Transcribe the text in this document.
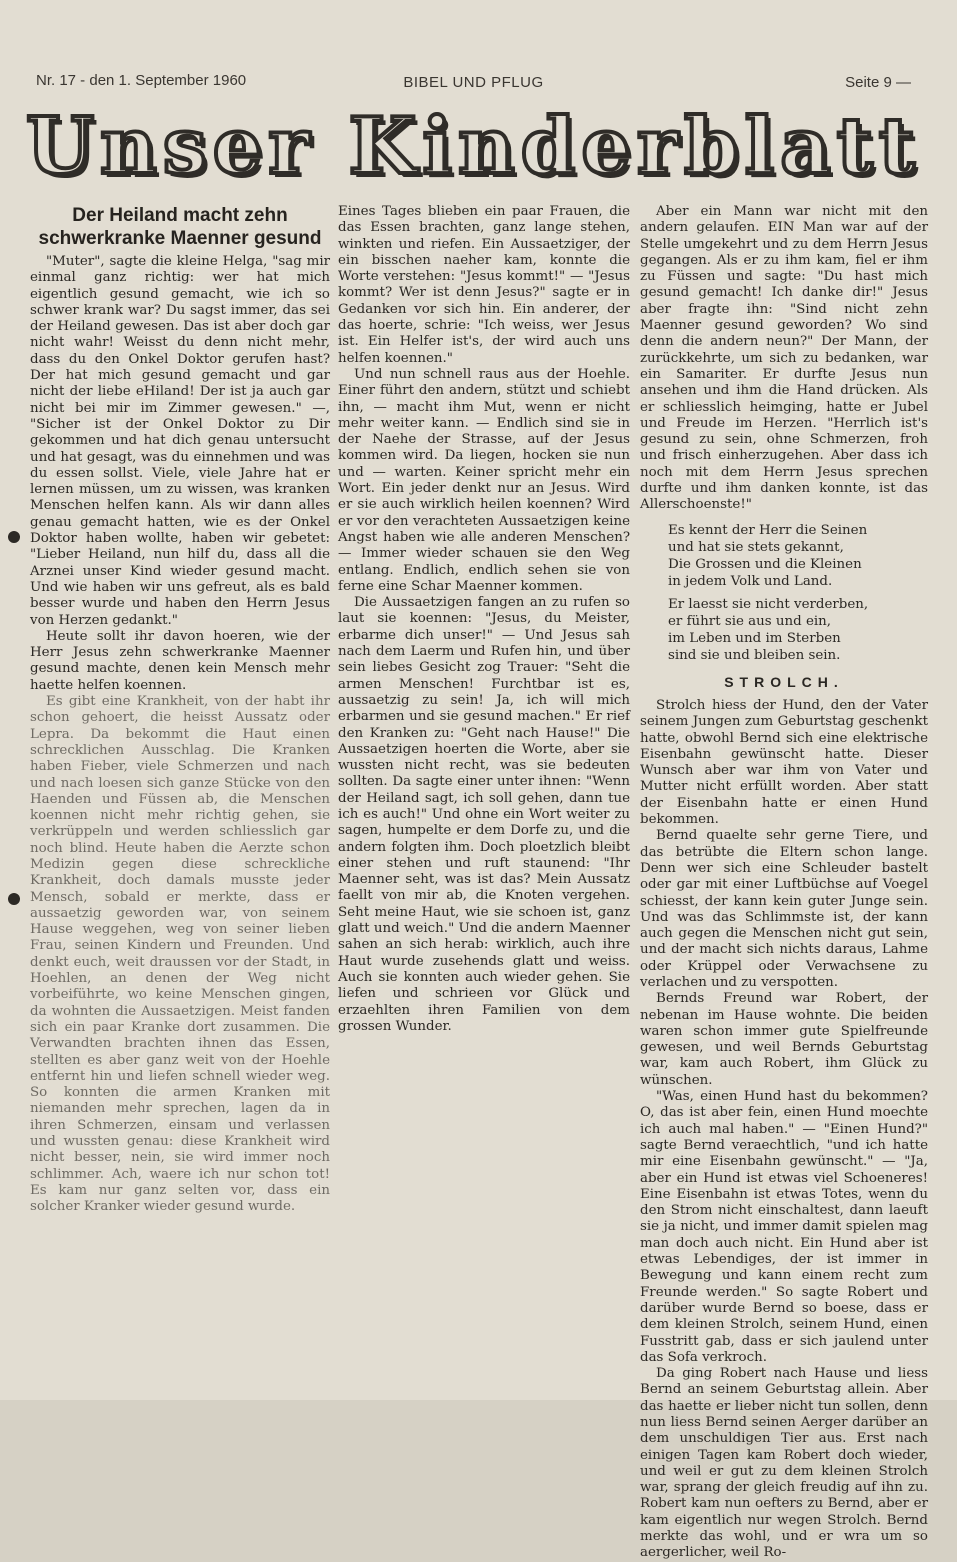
Nr. 17 - den 1. September 1960	BIBEL UND PFLUG	Seite 9 —
Unser Kinderblatt
Der Heiland macht zehn schwerkranke Maenner gesund

"Muter", sagte die kleine Helga, "sag mir einmal ganz richtig: wer hat mich eigentlich gesund gemacht, wie ich so schwer krank war? Du sagst immer, das sei der Heiland gewesen. Das ist aber doch gar nicht wahr! Weisst du denn nicht mehr, dass du den Onkel Doktor gerufen hast? Der hat mich gesund gemacht und gar nicht der liebe eHiland! Der ist ja auch gar nicht bei mir im Zimmer gewesen." —, "Sicher ist der Onkel Doktor zu Dir gekommen und hat dich genau untersucht und hat gesagt, was du einnehmen und was du essen sollst. Viele, viele Jahre hat er lernen müssen, um zu wissen, was kranken Menschen helfen kann. Als wir dann alles genau gemacht hatten, wie es der Onkel Doktor haben wollte, haben wir gebetet: "Lieber Heiland, nun hilf du, dass all die Arznei unser Kind wieder gesund macht. Und wie haben wir uns gefreut, als es bald besser wurde und haben den Herrn Jesus von Herzen gedankt."

Heute sollt ihr davon hoeren, wie der Herr Jesus zehn schwerkranke Maenner gesund machte, denen kein Mensch mehr haette helfen koennen.

Es gibt eine Krankheit, von der habt ihr schon gehoert, die heisst Aussatz oder Lepra. Da bekommt die Haut einen schrecklichen Ausschlag. Die Kranken haben Fieber, viele Schmerzen und nach und nach loesen sich ganze Stücke von den Haenden und Füssen ab, die Menschen koennen nicht mehr richtig gehen, sie verkrüppeln und werden schliesslich gar noch blind. Heute haben die Aerzte schon Medizin gegen diese schreckliche Krankheit, doch damals musste jeder Mensch, sobald er merkte, dass er aussaetzig geworden war, von seinem Hause weggehen, weg von seiner lieben Frau, seinen Kindern und Freunden. Und denkt euch, weit draussen vor der Stadt, in Hoehlen, an denen der Weg nicht vorbeiführte, wo keine Menschen gingen, da wohnten die Aussaetzigen. Meist fanden sich ein paar Kranke dort zusammen. Die Verwandten brachten ihnen das Essen, stellten es aber ganz weit von der Hoehle entfernt hin und liefen schnell wieder weg. So konnten die armen Kranken mit niemanden mehr sprechen, lagen da in ihren Schmerzen, einsam und verlassen und wussten genau: diese Krankheit wird nicht besser, nein, sie wird immer noch schlimmer. Ach, waere ich nur schon tot! Es kam nur ganz selten vor, dass ein solcher Kranker wieder gesund wurde.

Eines Tages blieben ein paar Frauen, die das Essen brachten, ganz lange stehen, winkten und riefen. Ein Aussaetziger, der ein bisschen naeher kam, konnte die Worte verstehen: "Jesus kommt!" — "Jesus kommt? Wer ist denn Jesus?" sagte er in Gedanken vor sich hin. Ein anderer, der das hoerte, schrie: "Ich weiss, wer Jesus ist. Ein Helfer ist's, der wird auch uns helfen koennen."

Und nun schnell raus aus der Hoehle. Einer führt den andern, stützt und schiebt ihn, — macht ihm Mut, wenn er nicht mehr weiter kann. — Endlich sind sie in der Naehe der Strasse, auf der Jesus kommen wird. Da liegen, hocken sie nun und — warten. Keiner spricht mehr ein Wort. Ein jeder denkt nur an Jesus. Wird er sie auch wirklich heilen koennen? Wird er vor den verachteten Aussaetzigen keine Angst haben wie alle anderen Menschen? — Immer wieder schauen sie den Weg entlang. Endlich, endlich sehen sie von ferne eine Schar Maenner kommen.

Die Aussaetzigen fangen an zu rufen so laut sie koennen: "Jesus, du Meister, erbarme dich unser!" — Und Jesus sah nach dem Laerm und Rufen hin, und über sein liebes Gesicht zog Trauer: "Seht die armen Menschen! Furchtbar ist es, aussaetzig zu sein! Ja, ich will mich erbarmen und sie gesund machen." Er rief den Kranken zu: "Geht nach Hause!" Die Aussaetzigen hoerten die Worte, aber sie wussten nicht recht, was sie bedeuten sollten. Da sagte einer unter ihnen: "Wenn der Heiland sagt, ich soll gehen, dann tue ich es auch!" Und ohne ein Wort weiter zu sagen, humpelte er dem Dorfe zu, und die andern folgten ihm. Doch ploetzlich bleibt einer stehen und ruft staunend: "Ihr Maenner seht, was ist das? Mein Aussatz faellt von mir ab, die Knoten vergehen. Seht meine Haut, wie sie schoen ist, ganz glatt und weich." Und die andern Maenner sahen an sich herab: wirklich, auch ihre Haut wurde zusehends glatt und weiss. Auch sie konnten auch wieder gehen. Sie liefen und schrieen vor Glück und erzaehlten ihren Familien von dem grossen Wunder.

Aber ein Mann war nicht mit den andern gelaufen. EIN Man war auf der Stelle umgekehrt und zu dem Herrn Jesus gegangen. Als er zu ihm kam, fiel er ihm zu Füssen und sagte: "Du hast mich gesund gemacht! Ich danke dir!" Jesus aber fragte ihn: "Sind nicht zehn Maenner gesund geworden? Wo sind denn die andern neun?" Der Mann, der zurückkehrte, um sich zu bedanken, war ein Samariter. Er durfte Jesus nun ansehen und ihm die Hand drücken. Als er schliesslich heimging, hatte er Jubel und Freude im Herzen. "Herrlich ist's gesund zu sein, ohne Schmerzen, froh und frisch einherzugehen. Aber dass ich noch mit dem Herrn Jesus sprechen durfte und ihm danken konnte, ist das Allerschoenste!"

Es kennt der Herr die Seinen
und hat sie stets gekannt,
Die Grossen und die Kleinen
in jedem Volk und Land.
Er laesst sie nicht verderben,
er führt sie aus und ein,
im Leben und im Sterben
sind sie und bleiben sein.
STROLCH.

Strolch hiess der Hund, den der Vater seinem Jungen zum Geburtstag geschenkt hatte, obwohl Bernd sich eine elektrische Eisenbahn gewünscht hatte. Dieser Wunsch aber war ihm von Vater und Mutter nicht erfüllt worden. Aber statt der Eisenbahn hatte er einen Hund bekommen.

Bernd quaelte sehr gerne Tiere, und das betrübte die Eltern schon lange. Denn wer sich eine Schleuder bastelt oder gar mit einer Luftbüchse auf Voegel schiesst, der kann kein guter Junge sein. Und was das Schlimmste ist, der kann auch gegen die Menschen nicht gut sein, und der macht sich nichts daraus, Lahme oder Krüppel oder Verwachsene zu verlachen und zu verspotten.

Bernds Freund war Robert, der nebenan im Hause wohnte. Die beiden waren schon immer gute Spielfreunde gewesen, und weil Bernds Geburtstag war, kam auch Robert, ihm Glück zu wünschen.

"Was, einen Hund hast du bekommen? O, das ist aber fein, einen Hund moechte ich auch mal haben." — "Einen Hund?" sagte Bernd veraechtlich, "und ich hatte mir eine Eisenbahn gewünscht." — "Ja, aber ein Hund ist etwas viel Schoeneres! Eine Eisenbahn ist etwas Totes, wenn du den Strom nicht einschaltest, dann laeuft sie ja nicht, und immer damit spielen mag man doch auch nicht. Ein Hund aber ist etwas Lebendiges, der ist immer in Bewegung und kann einem recht zum Freunde werden." So sagte Robert und darüber wurde Bernd so boese, dass er dem kleinen Strolch, seinem Hund, einen Fusstritt gab, dass er sich jaulend unter das Sofa verkroch.

Da ging Robert nach Hause und liess Bernd an seinem Geburtstag allein. Aber das haette er lieber nicht tun sollen, denn nun liess Bernd seinen Aerger darüber an dem unschuldigen Tier aus. Erst nach einigen Tagen kam Robert doch wieder, und weil er gut zu dem kleinen Strolch war, sprang der gleich freudig auf ihn zu. Robert kam nun oefters zu Bernd, aber er kam eigentlich nur wegen Strolch. Bernd merkte das wohl, und er wra um so aergerlicher, weil Ro-
